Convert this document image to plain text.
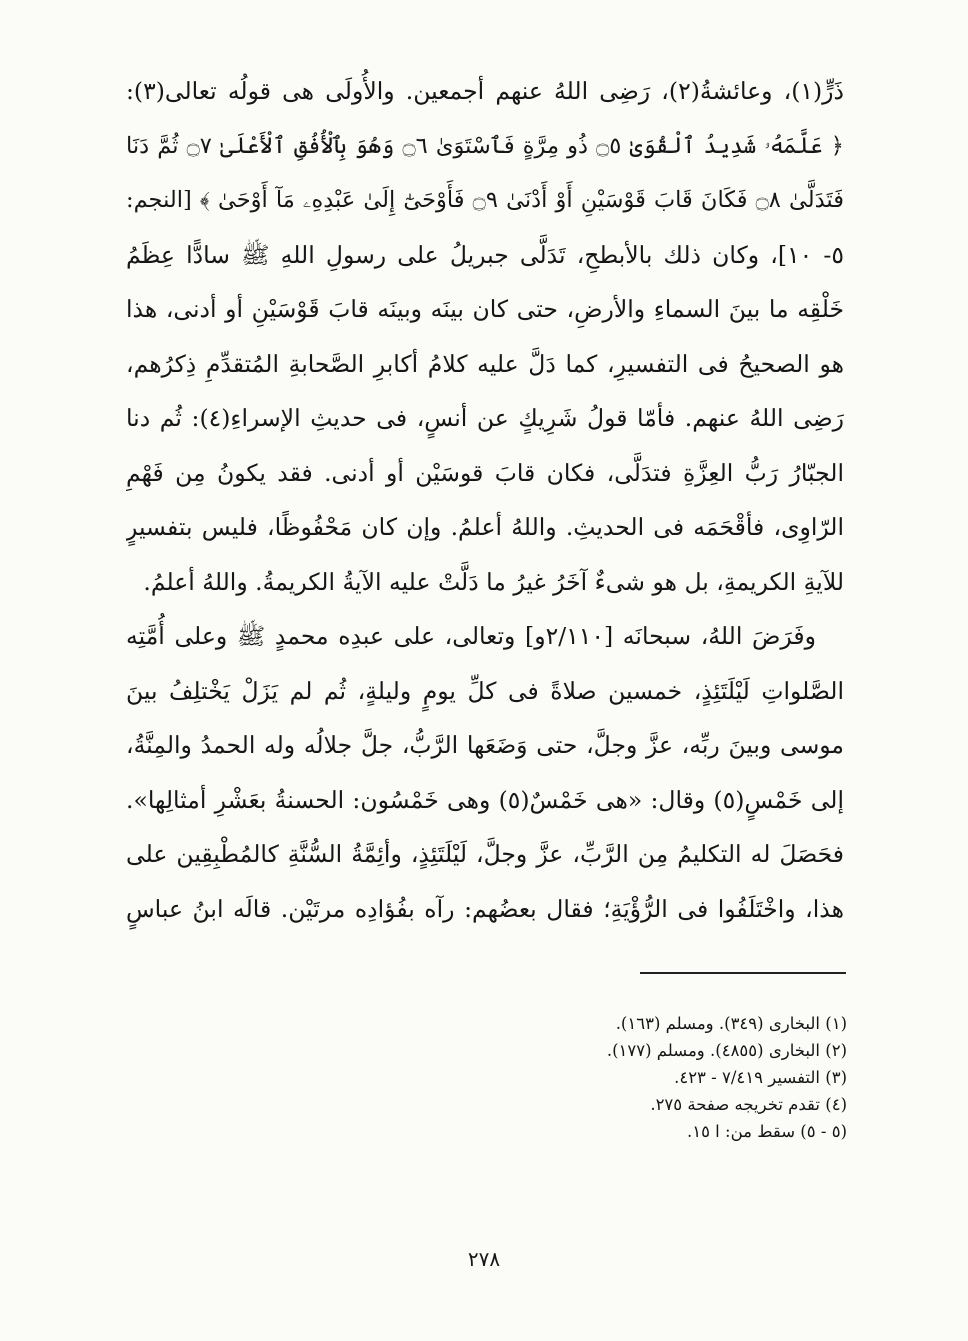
ذَرٍّ(١)، وعائشةُ(٢)، رَضِى اللهُ عنهم أجمعين. والأُولَى هى قولُه تعالى(٣):
﴿ عَلَّمَهُۥ شَدِيدُ ٱلْقُوَىٰ ۝٥ ذُو مِرَّةٍ فَٱسْتَوَىٰ ۝٦ وَهُوَ بِٱلْأُفُقِ ٱلْأَعْلَىٰ ۝٧ ثُمَّ دَنَا
فَتَدَلَّىٰ ۝٨ فَكَانَ قَابَ قَوْسَيْنِ أَوْ أَدْنَىٰ ۝٩ فَأَوْحَىٰٓ إِلَىٰ عَبْدِهِۦ مَآ أَوْحَىٰ ﴾ [النجم:
٥- ١٠]، وكان ذلك بالأبطحِ، تَدَلَّى جبريلُ على رسولِ اللهِ ﷺ سادًّا عِظَمُ
خَلْقِه ما بينَ السماءِ والأرضِ، حتى كان بينَه وبينَه قابَ قَوْسَيْنِ أو أدنى، هذا
هو الصحيحُ فى التفسيرِ، كما دَلَّ عليه كلامُ أكابرِ الصَّحابةِ المُتقدِّمِ ذِكرُهم،
رَضِى اللهُ عنهم. فأمّا قولُ شَرِيكٍ عن أنسٍ، فى حديثِ الإسراءِ(٤): ثُم دنا
الجبّارُ رَبُّ العِزَّةِ فتدَلَّى، فكان قابَ قوسَيْن أو أدنى. فقد يكونُ مِن فَهْمِ
الرّاوِى، فأقْحَمَه فى الحديثِ. واللهُ أعلمُ. وإن كان مَحْفُوظًا، فليس بتفسيرٍ
للآيةِ الكريمةِ، بل هو شىءٌ آخَرُ غيرُ ما دَلَّتْ عليه الآيةُ الكريمةُ. واللهُ أعلمُ.
وفَرَضَ اللهُ، سبحانَه [٢/١١٠و] وتعالى، على عبدِه محمدٍ ﷺ وعلى أُمَّتِه
الصَّلواتِ لَيْلَتَئِذٍ، خمسين صلاةً فى كلِّ يومٍ وليلةٍ، ثُم لم يَزَلْ يَخْتلِفُ بينَ
موسى وبينَ ربِّه، عزَّ وجلَّ، حتى وَضَعَها الرَّبُّ، جلَّ جلالُه وله الحمدُ والمِنَّةُ،
إلى خَمْسٍ(٥) وقال: «هى خَمْسٌ(٥) وهى خَمْسُون: الحسنةُ بعَشْرِ أمثالِها».
فحَصَلَ له التكليمُ مِن الرَّبِّ، عزَّ وجلَّ، لَيْلَتَئِذٍ، وأئِمَّةُ السُّنَّةِ كالمُطْبِقِين على
هذا، واخْتَلَفُوا فى الرُّؤْيَةِ؛ فقال بعضُهم: رآه بفُؤادِه مرتَيْن. قالَه ابنُ عباسٍ
(١) البخارى (٣٤٩). ومسلم (١٦٣).
(٢) البخارى (٤٨٥٥). ومسلم (١٧٧).
(٣) التفسير ٧/٤١٩ - ٤٢٣.
(٤) تقدم تخريجه صفحة ٢٧٥.
(٥ - ٥) سقط من: ا ١٥.
٢٧٨
